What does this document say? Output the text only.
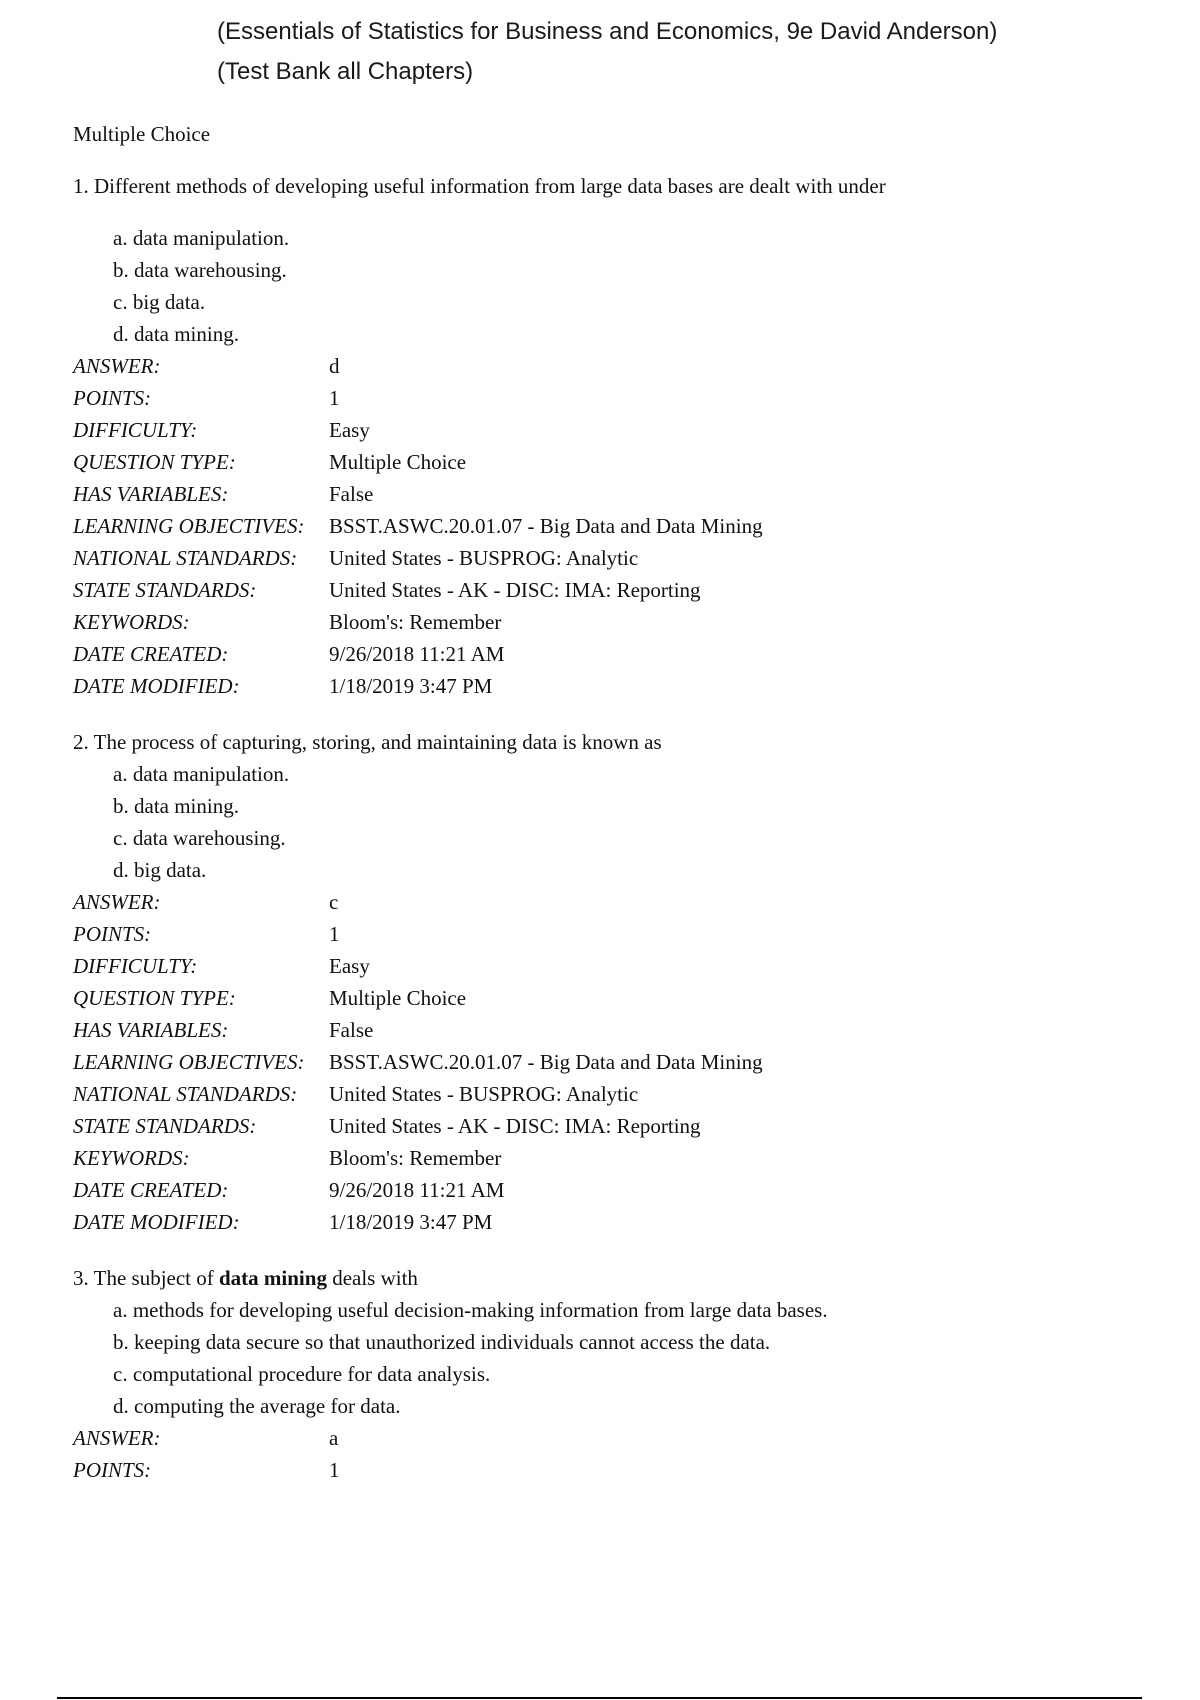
(Essentials of Statistics for Business and Economics, 9e David Anderson)
(Test Bank all Chapters)
Multiple Choice
1. Different methods of developing useful information from large data bases are dealt with under
a. data manipulation.
b. data warehousing.
c. big data.
d. data mining.
ANSWER:	d
POINTS:	1
DIFFICULTY:	Easy
QUESTION TYPE:	Multiple Choice
HAS VARIABLES:	False
LEARNING OBJECTIVES:	BSST.ASWC.20.01.07 - Big Data and Data Mining
NATIONAL STANDARDS:	United States - BUSPROG: Analytic
STATE STANDARDS:	United States - AK - DISC: IMA: Reporting
KEYWORDS:	Bloom's: Remember
DATE CREATED:	9/26/2018 11:21 AM
DATE MODIFIED:	1/18/2019 3:47 PM
2. The process of capturing, storing, and maintaining data is known as
a. data manipulation.
b. data mining.
c. data warehousing.
d. big data.
ANSWER:	c
POINTS:	1
DIFFICULTY:	Easy
QUESTION TYPE:	Multiple Choice
HAS VARIABLES:	False
LEARNING OBJECTIVES:	BSST.ASWC.20.01.07 - Big Data and Data Mining
NATIONAL STANDARDS:	United States - BUSPROG: Analytic
STATE STANDARDS:	United States - AK - DISC: IMA: Reporting
KEYWORDS:	Bloom's: Remember
DATE CREATED:	9/26/2018 11:21 AM
DATE MODIFIED:	1/18/2019 3:47 PM
3. The subject of data mining deals with
a. methods for developing useful decision-making information from large data bases.
b. keeping data secure so that unauthorized individuals cannot access the data.
c. computational procedure for data analysis.
d. computing the average for data.
ANSWER:	a
POINTS:	1
